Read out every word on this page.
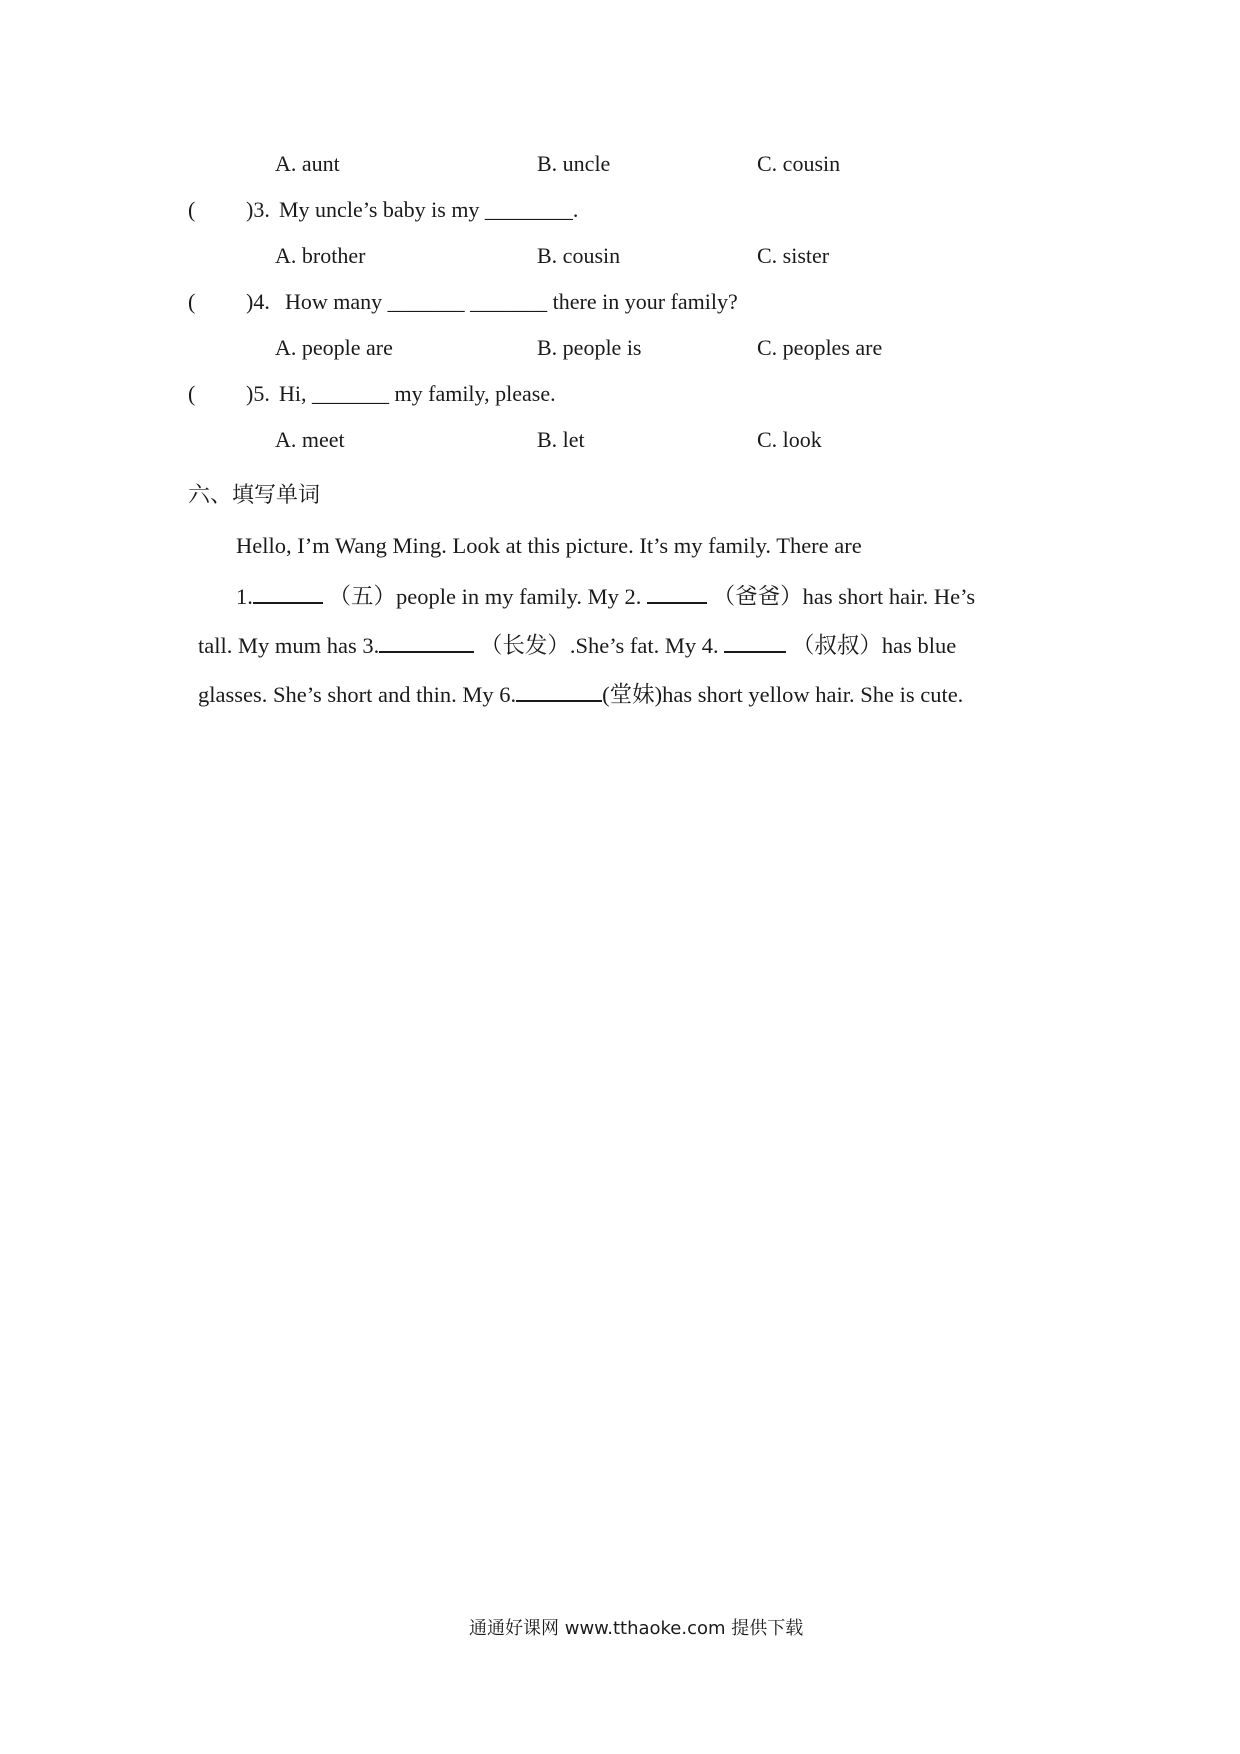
A. aunt	B. uncle	C. cousin
( )3. My uncle’s baby is my ________.
A. brother	B. cousin	C. sister
( )4. How many _______ _______ there in your family?
A. people are	B. people is	C. peoples are
( )5. Hi, _______ my family, please.
A. meet	B. let	C. look
六、填写单词
Hello, I’m Wang Ming. Look at this picture. It’s my family. There are
1.	（五）people in my family. My 2.	（爸爸）has short hair. He’s
tall. My mum has 3.	（长发）.She’s fat. My 4.	（叔叔）has blue
glasses. She’s short and thin. My 6.	(堂妹)has short yellow hair. She is cute.
通通好课网 www.tthaoke.com 提供下载
